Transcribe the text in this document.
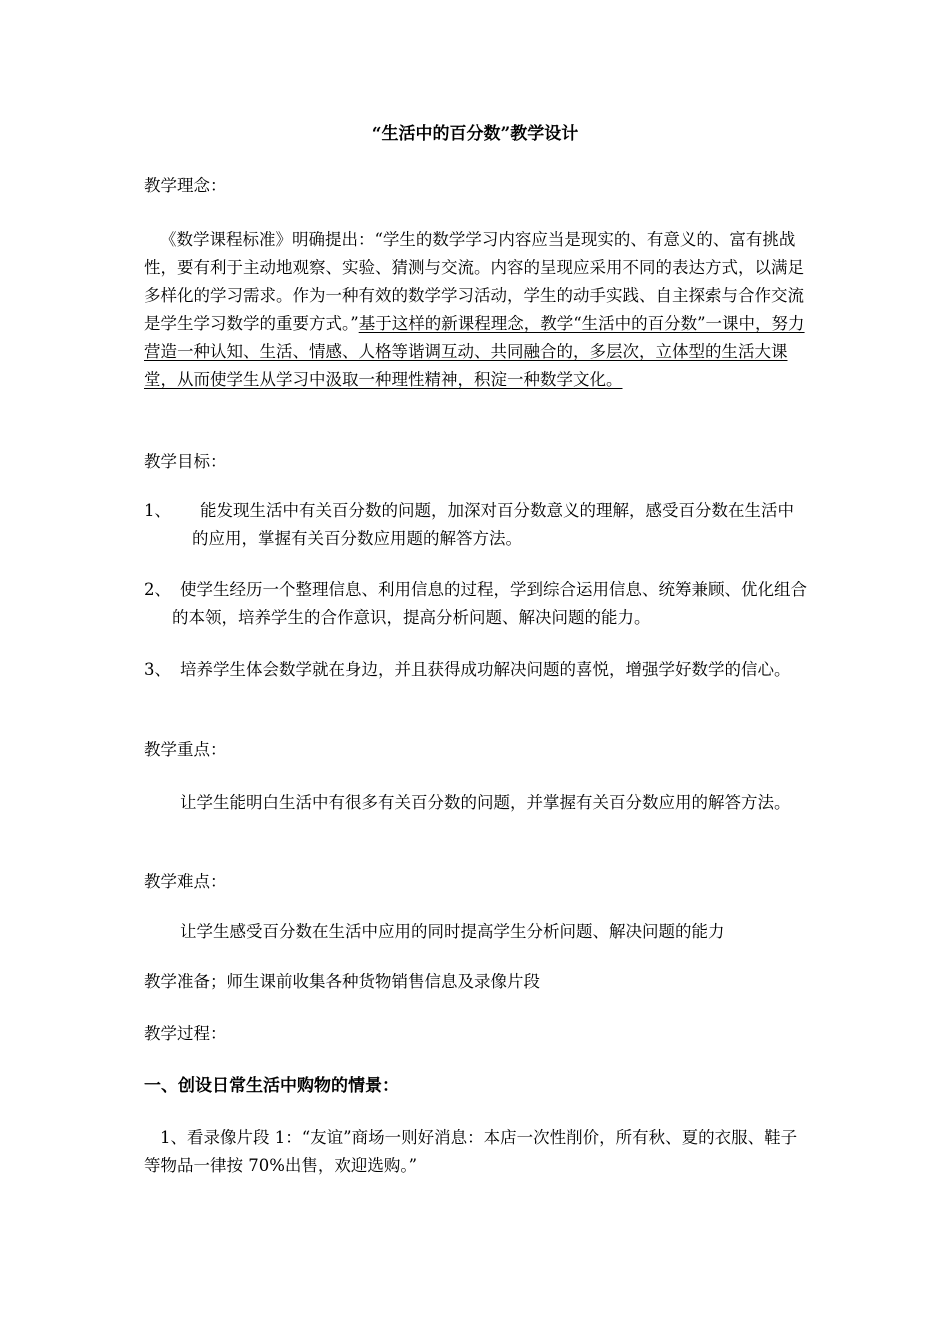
“生活中的百分数”教学设计
教学理念：

《数学课程标准》明确提出：“学生的数学学习内容应当是现实的、有意义的、富有挑战性，要有利于主动地观察、实验、猜测与交流。内容的呈现应采用不同的表达方式，以满足多样化的学习需求。作为一种有效的数学学习活动，学生的动手实践、自主探索与合作交流是学生学习数学的重要方式。”基于这样的新课程理念，教学“生活中的百分数”一课中，努力营造一种认知、生活、情感、人格等谐调互动、共同融合的，多层次，立体型的生活大课堂，从而使学生从学习中汲取一种理性精神，积淀一种数学文化。

教学目标：
1、	能发现生活中有关百分数的问题，加深对百分数意义的理解，感受百分数在生活中的应用，掌握有关百分数应用题的解答方法。
2、 使学生经历一个整理信息、利用信息的过程，学到综合运用信息、统筹兼顾、优化组合的本领，培养学生的合作意识，提高分析问题、解决问题的能力。
3、 培养学生体会数学就在身边，并且获得成功解决问题的喜悦，增强学好数学的信心。
教学重点：

让学生能明白生活中有很多有关百分数的问题，并掌握有关百分数应用的解答方法。

教学难点：

让学生感受百分数在生活中应用的同时提高学生分析问题、解决问题的能力

教学准备；师生课前收集各种货物销售信息及录像片段
教学过程：
一、创设日常生活中购物的情景：

1、看录像片段 1：“友谊”商场一则好消息：本店一次性削价，所有秋、夏的衣服、鞋子等物品一律按 70%出售，欢迎选购。”
